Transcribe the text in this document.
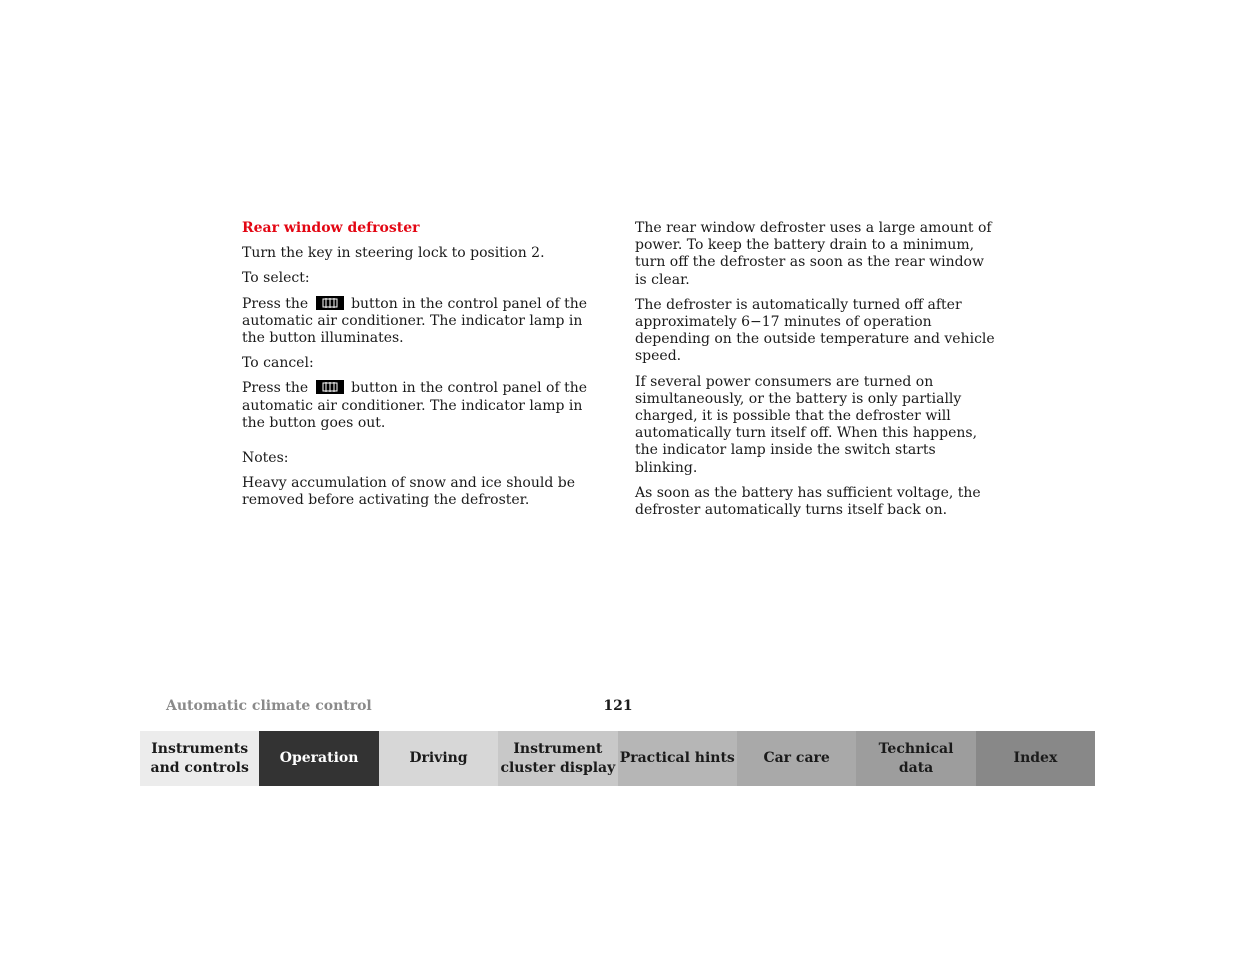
Rear window defroster

Turn the key in steering lock to position 2.

To select:

Press the	button in the control panel of the automatic air conditioner. The indicator lamp in the button illuminates.

To cancel:

Press the	button in the control panel of the automatic air conditioner. The indicator lamp in the button goes out.

Notes:

Heavy accumulation of snow and ice should be removed before activating the defroster.

The rear window defroster uses a large amount of power. To keep the battery drain to a minimum, turn off the defroster as soon as the rear window is clear.

The defroster is automatically turned off after approximately 6−17 minutes of operation depending on the outside temperature and vehicle speed.

If several power consumers are turned on simultaneously, or the battery is only partially charged, it is possible that the defroster will automatically turn itself off. When this happens, the indicator lamp inside the switch starts blinking.

As soon as the battery has sufficient voltage, the defroster automatically turns itself back on.

Automatic climate control	121
Instruments
and controls
Operation	Driving
Instrument
cluster display
Practical hints	Car care
Technical
data
Index
